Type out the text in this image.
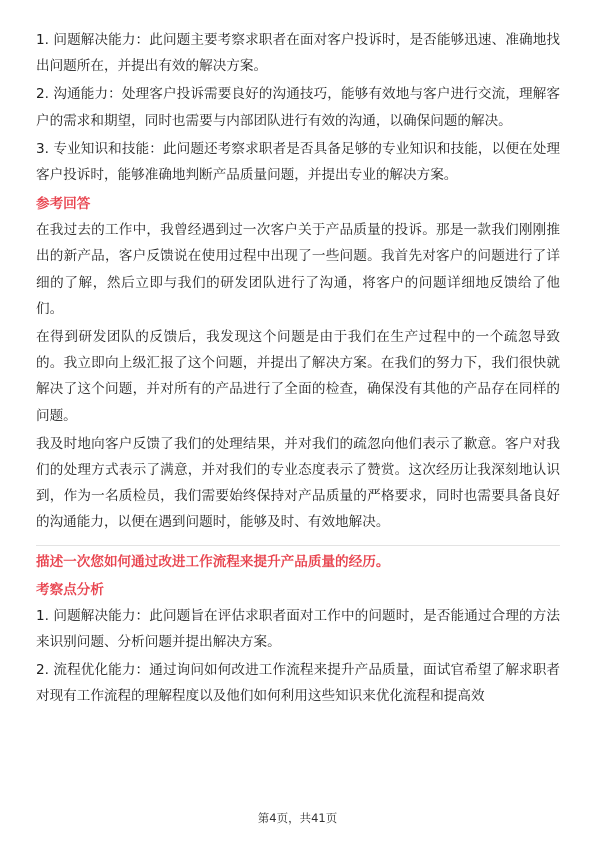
1. 问题解决能力：此问题主要考察求职者在面对客户投诉时，是否能够迅速、准确地找出问题所在，并提出有效的解决方案。

2. 沟通能力：处理客户投诉需要良好的沟通技巧，能够有效地与客户进行交流，理解客户的需求和期望，同时也需要与内部团队进行有效的沟通，以确保问题的解决。

3. 专业知识和技能：此问题还考察求职者是否具备足够的专业知识和技能，以便在处理客户投诉时，能够准确地判断产品质量问题，并提出专业的解决方案。

参考回答

在我过去的工作中，我曾经遇到过一次客户关于产品质量的投诉。那是一款我们刚刚推出的新产品，客户反馈说在使用过程中出现了一些问题。我首先对客户的问题进行了详细的了解，然后立即与我们的研发团队进行了沟通，将客户的问题详细地反馈给了他们。

在得到研发团队的反馈后，我发现这个问题是由于我们在生产过程中的一个疏忽导致的。我立即向上级汇报了这个问题，并提出了解决方案。在我们的努力下，我们很快就解决了这个问题，并对所有的产品进行了全面的检查，确保没有其他的产品存在同样的问题。

我及时地向客户反馈了我们的处理结果，并对我们的疏忽向他们表示了歉意。客户对我们的处理方式表示了满意，并对我们的专业态度表示了赞赏。这次经历让我深刻地认识到，作为一名质检员，我们需要始终保持对产品质量的严格要求，同时也需要具备良好的沟通能力，以便在遇到问题时，能够及时、有效地解决。

描述一次您如何通过改进工作流程来提升产品质量的经历。
考察点分析

1. 问题解决能力：此问题旨在评估求职者面对工作中的问题时，是否能通过合理的方法来识别问题、分析问题并提出解决方案。

2. 流程优化能力：通过询问如何改进工作流程来提升产品质量，面试官希望了解求职者对现有工作流程的理解程度以及他们如何利用这些知识来优化流程和提高效

第4页，共41页
